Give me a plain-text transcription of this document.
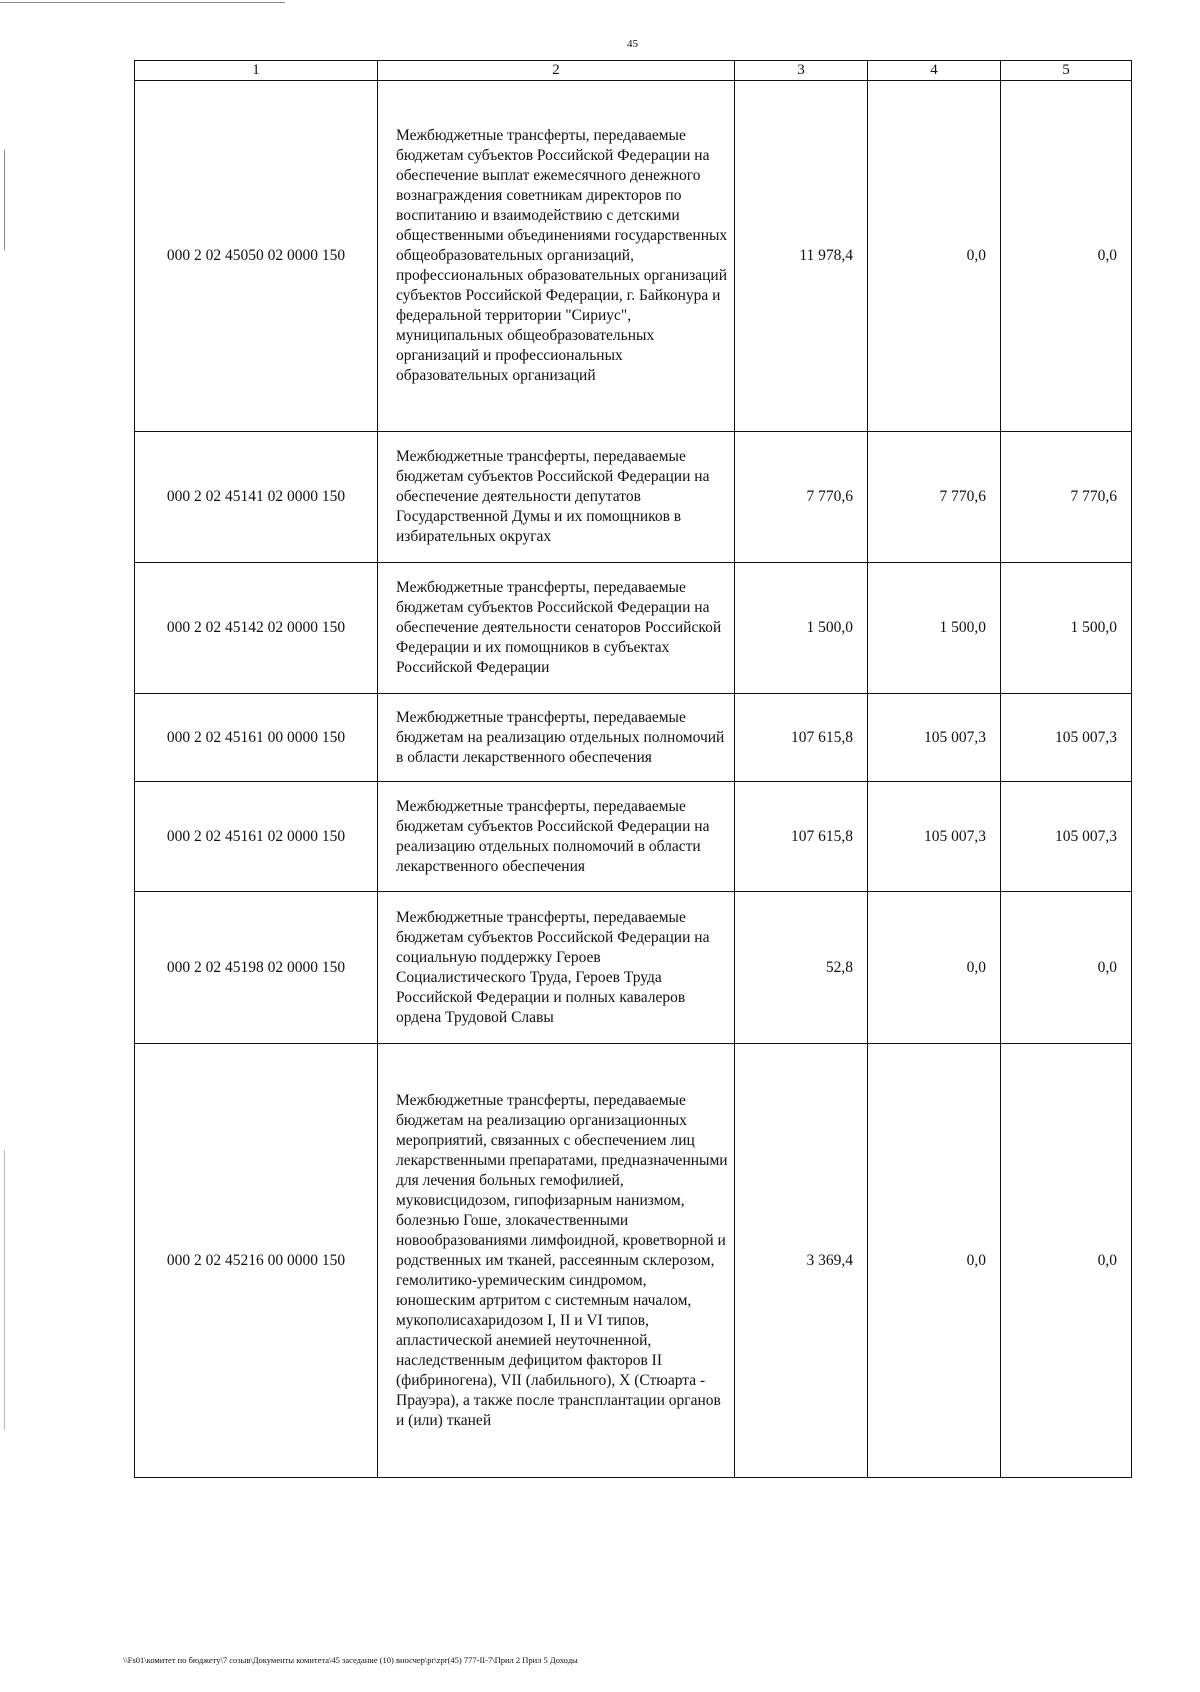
45
1	2	3	4	5
000 2 02 45050 02 0000 150	Межбюджетные трансферты, передаваемые бюджетам субъектов Российской Федерации на обеспечение выплат ежемесячного денежного вознаграждения советникам директоров по воспитанию и взаимодействию с детскими общественными объединениями государственных общеобразовательных организаций, профессиональных образовательных организаций субъектов Российской Федерации, г. Байконура и федеральной территории "Сириус", муниципальных общеобразовательных организаций и профессиональных образовательных организаций	11 978,4	0,0	0,0
000 2 02 45141 02 0000 150	Межбюджетные трансферты, передаваемые бюджетам субъектов Российской Федерации на обеспечение деятельности депутатов Государственной Думы и их помощников в избирательных округах	7 770,6	7 770,6	7 770,6
000 2 02 45142 02 0000 150	Межбюджетные трансферты, передаваемые бюджетам субъектов Российской Федерации на обеспечение деятельности сенаторов Российской Федерации и их помощников в субъектах Российской Федерации	1 500,0	1 500,0	1 500,0
000 2 02 45161 00 0000 150	Межбюджетные трансферты, передаваемые бюджетам на реализацию отдельных полномочий в области лекарственного обеспечения	107 615,8	105 007,3	105 007,3
000 2 02 45161 02 0000 150	Межбюджетные трансферты, передаваемые бюджетам субъектов Российской Федерации на реализацию отдельных полномочий в области лекарственного обеспечения	107 615,8	105 007,3	105 007,3
000 2 02 45198 02 0000 150	Межбюджетные трансферты, передаваемые бюджетам субъектов Российской Федерации на социальную поддержку Героев Социалистического Труда, Героев Труда Российской Федерации и полных кавалеров ордена Трудовой Славы	52,8	0,0	0,0
000 2 02 45216 00 0000 150	Межбюджетные трансферты, передаваемые бюджетам на реализацию организационных мероприятий, связанных с обеспечением лиц лекарственными препаратами, предназначенными для лечения больных гемофилией, муковисцидозом, гипофизарным нанизмом, болезнью Гоше, злокачественными новообразованиями лимфоидной, кроветворной и родственных им тканей, рассеянным склерозом, гемолитико-уремическим синдромом, юношеским артритом с системным началом, мукополисахаридозом I, II и VI типов, апластической анемией неуточненной, наследственным дефицитом факторов II (фибриногена), VII (лабильного), X (Стюарта - Прауэра), а также после трансплантации органов и (или) тканей	3 369,4	0,0	0,0
\\Fs01\комитет по бюджету\7 созыв\Документы комитета\45 заседание (10) вносчер\pr\zpr(45) 777-II-7\Прил 2 Прил 5 Доходы
